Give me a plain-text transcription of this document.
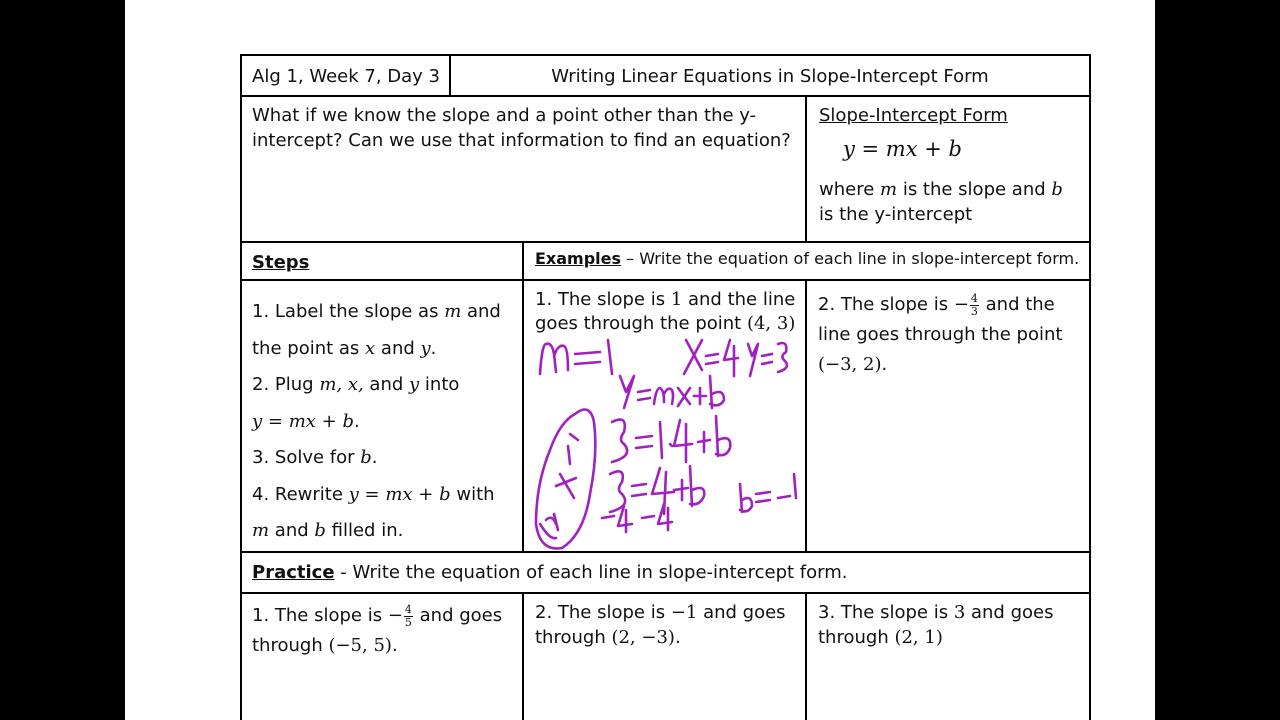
Alg 1, Week 7, Day 3	Writing Linear Equations in Slope-Intercept Form
What if we know the slope and a point other than the y-intercept? Can we use that information to find an equation?
Slope-Intercept Form
y = mx + b
where m is the slope and b is the y-intercept
Steps	Examples – Write the equation of each line in slope-intercept form.
1. Label the slope as m and
the point as x and y.
2. Plug m, x, and y into
y = mx + b.
3. Solve for b.
4. Rewrite y = mx + b with
m and b filled in.
1. The slope is 1 and the line goes through the point (4, 3)
2. The slope is − $\frac{4}{3}$ and the line goes through the point (−3, 2).
Practice - Write the equation of each line in slope-intercept form.
1. The slope is − $\frac{4}{5}$ and goes through (−5, 5).
2. The slope is −1 and goes through (2, −3).
3. The slope is 3 and goes through (2, 1)
